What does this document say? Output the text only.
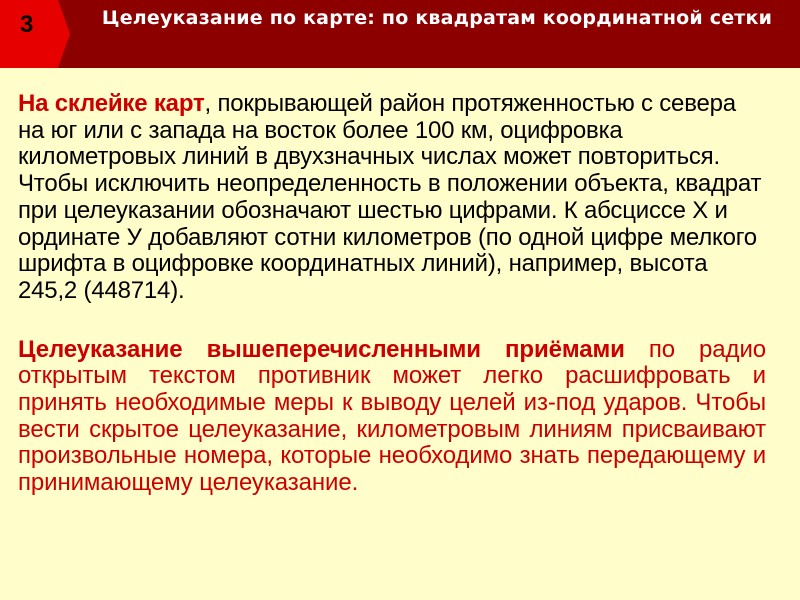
3	Целеуказание по карте: по квадратам координатной сетки

На склейке карт, покрывающей район протяженностью с севера на юг или с запада на восток более 100 км, оцифровка километровых линий в двухзначных числах может повториться. Чтобы исключить неопределенность в положении объекта, квадрат при целеуказании обозначают шестью цифрами. К абсциссе Х и ординате У добавляют сотни километров (по одной цифре мелкого шрифта в оцифровке координатных линий), например, высота 245,2 (448714).

Целеуказание вышеперечисленными приёмами по радио открытым текстом противник может легко расшифровать и принять необходимые меры к выводу целей из-под ударов. Чтобы вести скрытое целеуказание, километровым линиям присваивают произвольные номера, которые необходимо знать передающему и принимающему целеуказание.
